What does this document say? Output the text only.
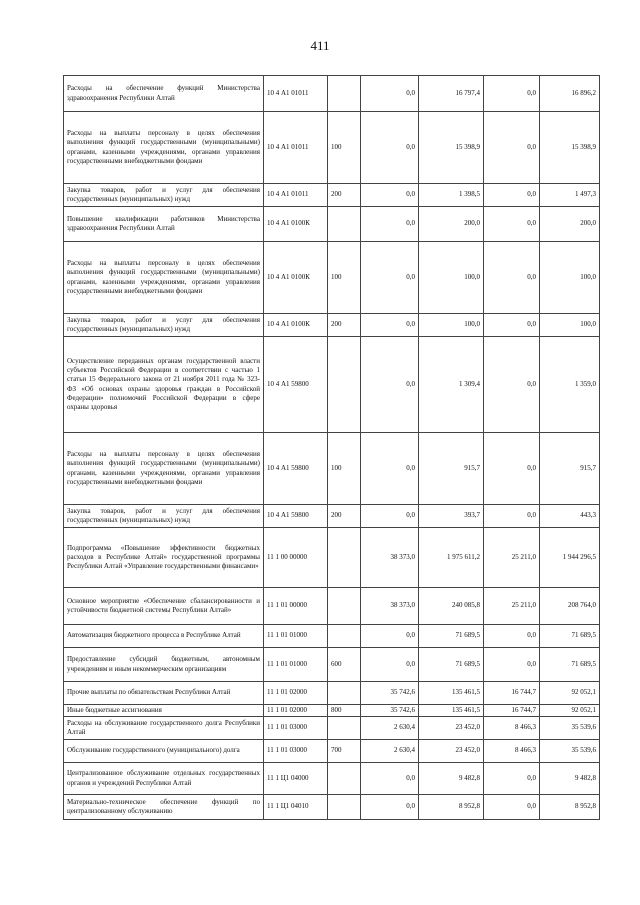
411
Расходы на обеспечение функций Министерства здравоохранения Республики Алтай	10 4 А1 01011		0,0	16 797,4	0,0	16 896,2
Расходы на выплаты персоналу в целях обеспечения выполнения функций государственными (муниципальными) органами, казенными учреждениями, органами управления государственными внебюджетными фондами	10 4 А1 01011	100	0,0	15 398,9	0,0	15 398,9
Закупка товаров, работ и услуг для обеспечения государственных (муниципальных) нужд	10 4 А1 01011	200	0,0	1 398,5	0,0	1 497,3
Повышение квалификации работников Министерства здравоохранения Республики Алтай	10 4 А1 0100К		0,0	200,0	0,0	200,0
Расходы на выплаты персоналу в целях обеспечения выполнения функций государственными (муниципальными) органами, казенными учреждениями, органами управления государственными внебюджетными фондами	10 4 А1 0100К	100	0,0	100,0	0,0	100,0
Закупка товаров, работ и услуг для обеспечения государственных (муниципальных) нужд	10 4 А1 0100К	200	0,0	100,0	0,0	100,0
Осуществление переданных органам государственной власти субъектов Российской Федерации в соответствии с частью 1 статьи 15 Федерального закона от 21 ноября 2011 года № 323-ФЗ «Об основах охраны здоровья граждан в Российской Федерации» полномочий Российской Федерации в сфере охраны здоровья	10 4 А1 59800		0,0	1 309,4	0,0	1 359,0
Расходы на выплаты персоналу в целях обеспечения выполнения функций государственными (муниципальными) органами, казенными учреждениями, органами управления государственными внебюджетными фондами	10 4 А1 59800	100	0,0	915,7	0,0	915,7
Закупка товаров, работ и услуг для обеспечения государственных (муниципальных) нужд	10 4 А1 59800	200	0,0	393,7	0,0	443,3
Подпрограмма «Повышение эффективности бюджетных расходов в Республике Алтай» государственной программы Республики Алтай «Управление государственными финансами»	11 1 00 00000		38 373,0	1 975 611,2	25 211,0	1 944 296,5
Основное мероприятие «Обеспечение сбалансированности и устойчивости бюджетной системы Республики Алтай»	11 1 01 00000		38 373,0	240 085,8	25 211,0	208 764,0
Автоматизация бюджетного процесса в Республике Алтай	11 1 01 01000		0,0	71 689,5	0,0	71 689,5
Предоставление субсидий бюджетным, автономным учреждениям и иным некоммерческим организациям	11 1 01 01000	600	0,0	71 689,5	0,0	71 689,5
Прочие выплаты по обязательствам Республики Алтай	11 1 01 02000		35 742,6	135 461,5	16 744,7	92 052,1
Иные бюджетные ассигнования	11 1 01 02000	800	35 742,6	135 461,5	16 744,7	92 052,1
Расходы на обслуживание государственного долга Республики Алтай	11 1 01 03000		2 630,4	23 452,0	8 466,3	35 539,6
Обслуживание государственного (муниципального) долга	11 1 01 03000	700	2 630,4	23 452,0	8 466,3	35 539,6
Централизованное обслуживание отдельных государственных органов и учреждений Республики Алтай	11 1 Ц1 04000		0,0	9 482,8	0,0	9 482,8
Материально-техническое обеспечение функций по централизованному обслуживанию	11 1 Ц1 04010		0,0	8 952,8	0,0	8 952,8
